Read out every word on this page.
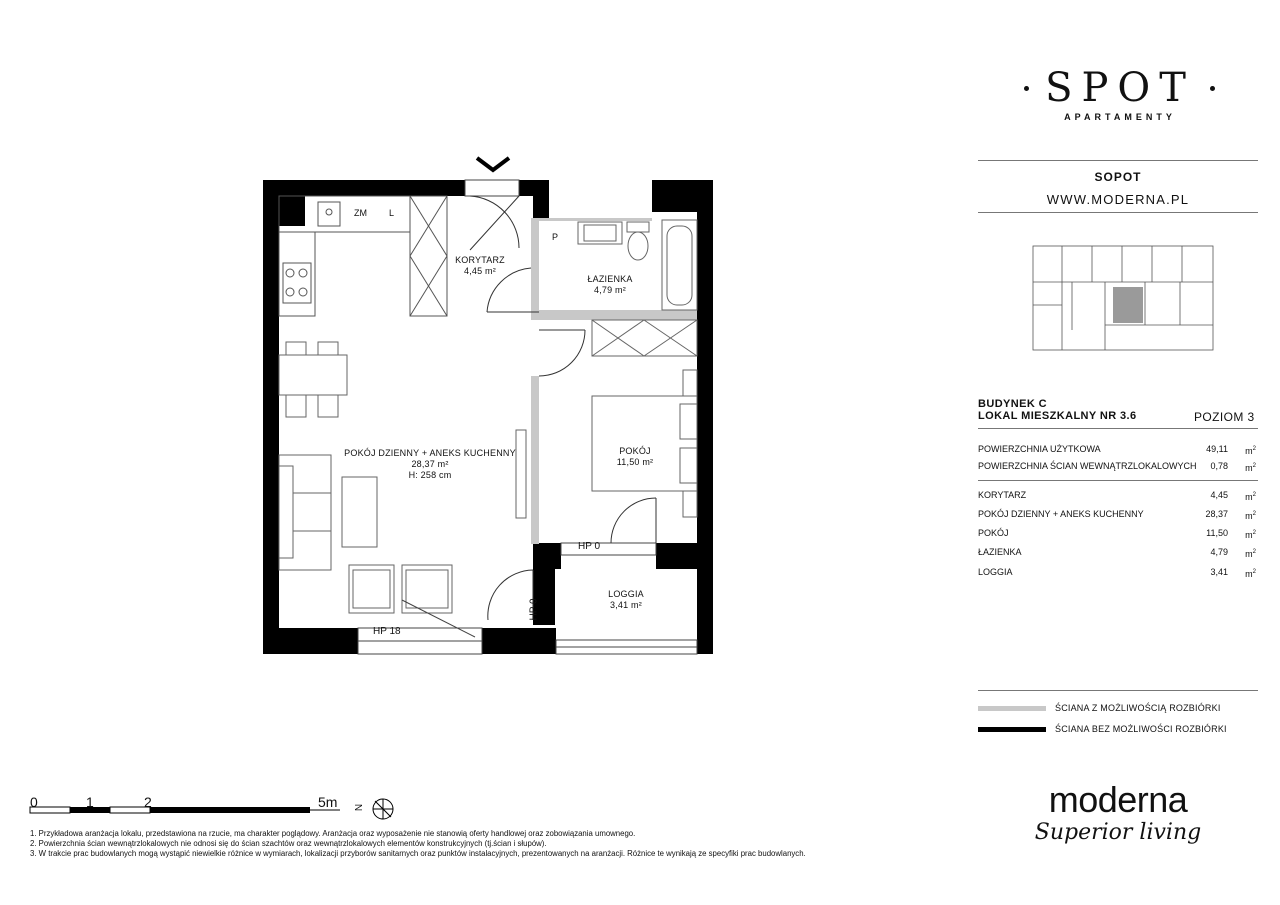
KORYTARZ
4,45 m²
ŁAZIENKA
4,79 m²
POKÓJ DZIENNY + ANEKS KUCHENNY
28,37 m²
H: 258 cm
POKÓJ
11,50 m²
LOGGIA
3,41 m²
ZM L
P
HP 0
HP 0
HP 18
0	1	2	5m N
1. Przykładowa aranżacja lokalu, przedstawiona na rzucie, ma charakter poglądowy. Aranżacja oraz wyposażenie nie stanowią oferty handlowej oraz zobowiązania umownego.
2. Powierzchnia ścian wewnątrzlokalowych nie odnosi się do ścian szachtów oraz wewnątrzlokalowych elementów konstrukcyjnych (tj.ścian i słupów).
3. W trakcie prac budowlanych mogą wystąpić niewielkie różnice w wymiarach, lokalizacji przyborów sanitarnych oraz punktów instalacyjnych, prezentowanych na aranżacji. Różnice te wynikają ze specyfiki prac budowlanych.
SPOT
APARTAMENTY
SOPOT
WWW.MODERNA.PL
BUDYNEK C
LOKAL MIESZKALNY NR 3.6	POZIOM 3
POWIERZCHNIA UŻYTKOWA	49,11 $m^2$
POWIERZCHNIA ŚCIAN WEWNĄTRZLOKALOWYCH 0,78 $m^2$
KORYTARZ	4,45 $m^2$
POKÓJ DZIENNY + ANEKS KUCHENNY	28,37 $m^2$
POKÓJ	11,50 $m^2$
ŁAZIENKA	4,79 $m^2$
LOGGIA	3,41 $m^2$
ŚCIANA Z MOŻLIWOŚCIĄ ROZBIÓRKI
ŚCIANA BEZ MOŻLIWOŚCI ROZBIÓRKI
moderna
Superior living
